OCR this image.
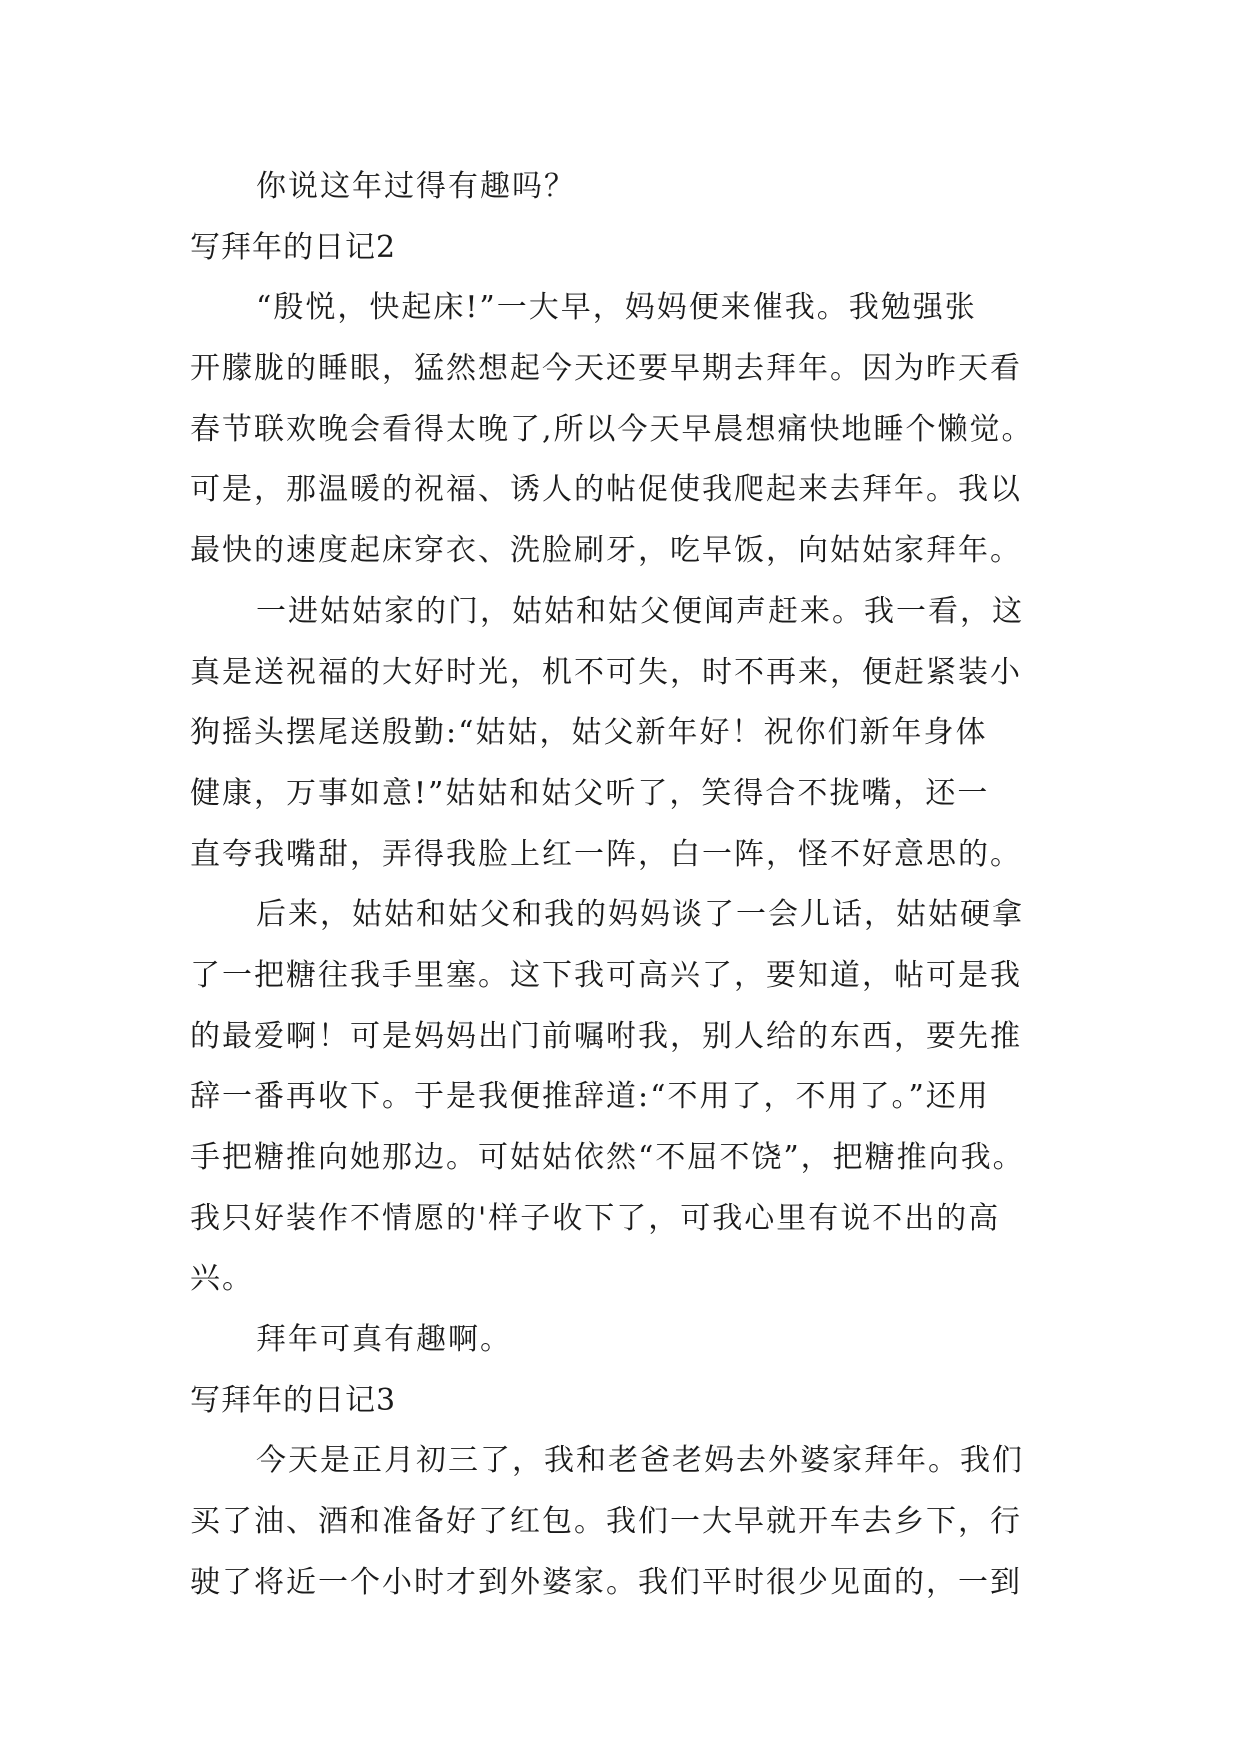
你说这年过得有趣吗？
写拜年的日记2
“殷悦，快起床!”一大早，妈妈便来催我。我勉强张
开朦胧的睡眼，猛然想起今天还要早期去拜年。因为昨天看
春节联欢晚会看得太晚了,所以今天早晨想痛快地睡个懒觉。
可是，那温暖的祝福、诱人的帖促使我爬起来去拜年。我以
最快的速度起床穿衣、洗脸刷牙，吃早饭，向姑姑家拜年。
一进姑姑家的门，姑姑和姑父便闻声赶来。我一看，这
真是送祝福的大好时光，机不可失，时不再来，便赶紧装小
狗摇头摆尾送殷勤:“姑姑，姑父新年好！祝你们新年身体
健康，万事如意!”姑姑和姑父听了，笑得合不拢嘴，还一
直夸我嘴甜，弄得我脸上红一阵，白一阵，怪不好意思的。
后来，姑姑和姑父和我的妈妈谈了一会儿话，姑姑硬拿
了一把糖往我手里塞。这下我可高兴了，要知道，帖可是我
的最爱啊！可是妈妈出门前嘱咐我，别人给的东西，要先推
辞一番再收下。于是我便推辞道:“不用了，不用了。”还用
手把糖推向她那边。可姑姑依然“不屈不饶”，把糖推向我。
我只好装作不情愿的'样子收下了，可我心里有说不出的高
兴。
拜年可真有趣啊。
写拜年的日记3
今天是正月初三了，我和老爸老妈去外婆家拜年。我们
买了油、酒和准备好了红包。我们一大早就开车去乡下，行
驶了将近一个小时才到外婆家。我们平时很少见面的，一到
